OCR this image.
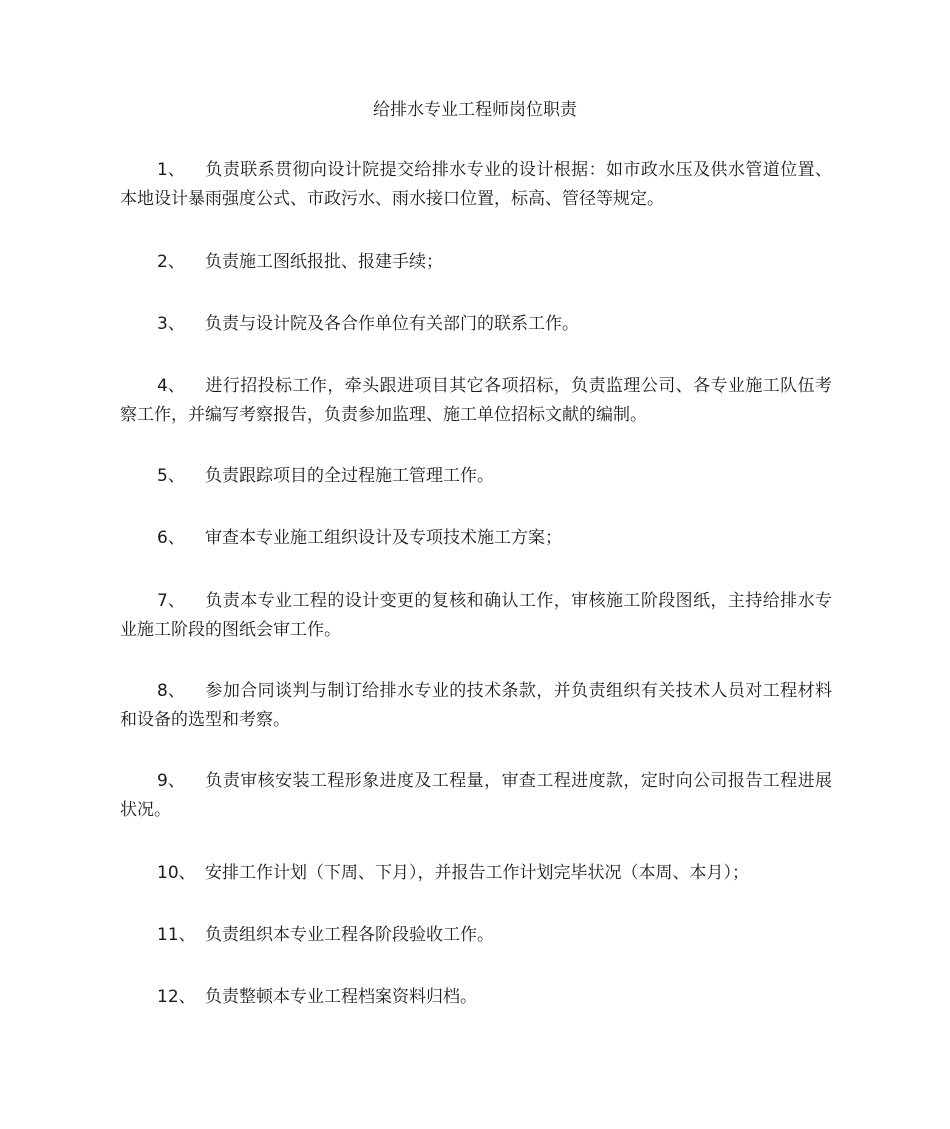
给排水专业工程师岗位职责

1、 负责联系贯彻向设计院提交给排水专业的设计根据：如市政水压及供水管道位置、本地设计暴雨强度公式、市政污水、雨水接口位置，标高、管径等规定。

2、 负责施工图纸报批、报建手续；

3、 负责与设计院及各合作单位有关部门的联系工作。

4、 进行招投标工作，牵头跟进项目其它各项招标，负责监理公司、各专业施工队伍考察工作，并编写考察报告，负责参加监理、施工单位招标文献的编制。

5、 负责跟踪项目的全过程施工管理工作。

6、 审查本专业施工组织设计及专项技术施工方案；

7、 负责本专业工程的设计变更的复核和确认工作，审核施工阶段图纸，主持给排水专业施工阶段的图纸会审工作。

8、 参加合同谈判与制订给排水专业的技术条款，并负责组织有关技术人员对工程材料和设备的选型和考察。

9、 负责审核安装工程形象进度及工程量，审查工程进度款，定时向公司报告工程进展状况。

10、 安排工作计划（下周、下月），并报告工作计划完毕状况（本周、本月）；

11、 负责组织本专业工程各阶段验收工作。

12、 负责整顿本专业工程档案资料归档。
